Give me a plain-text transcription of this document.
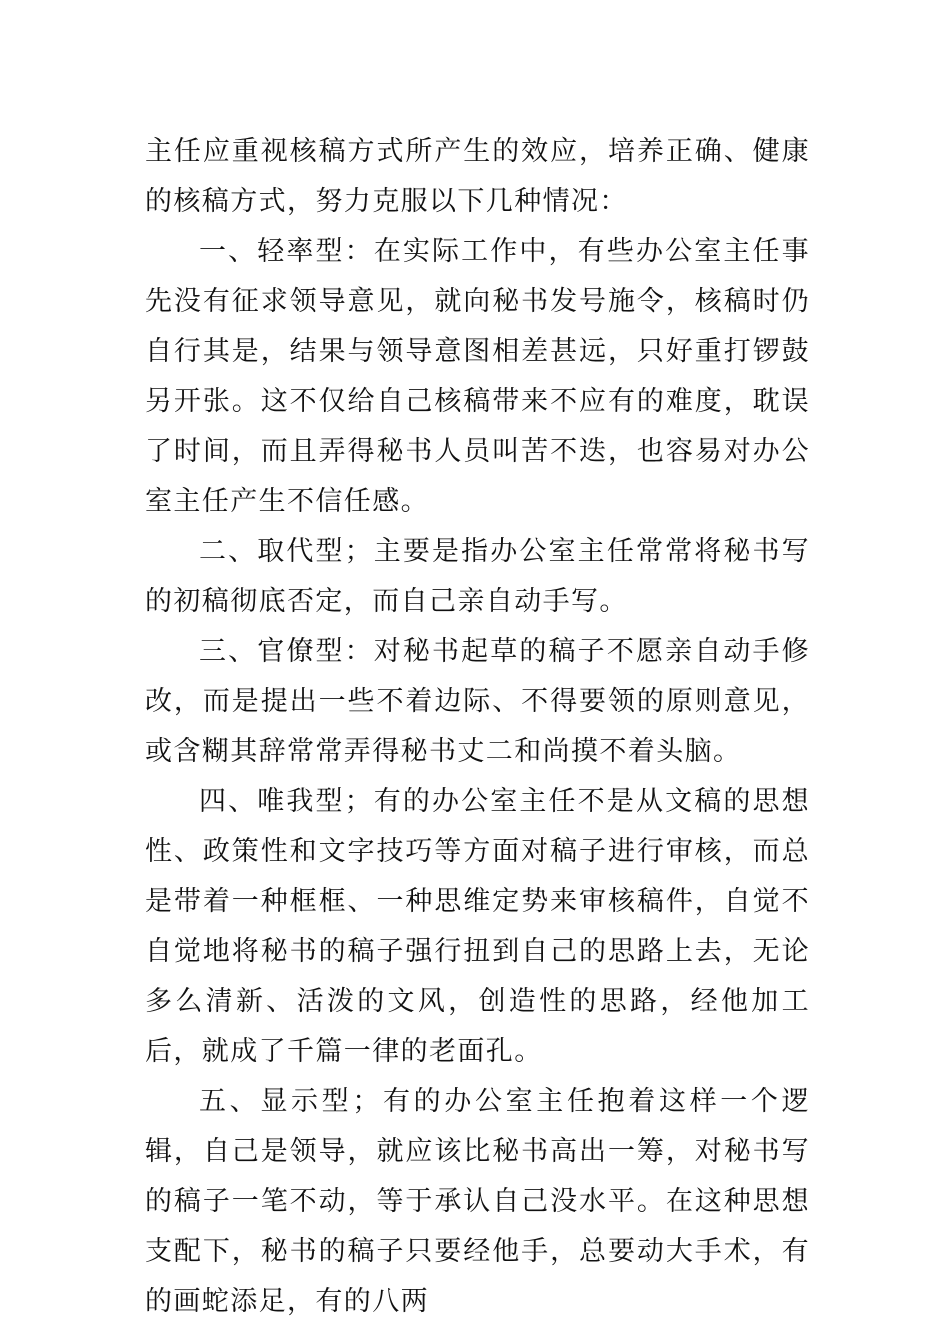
主任应重视核稿方式所产生的效应，培养正确、健康的核稿方式，努力克服以下几种情况：

一、轻率型：在实际工作中，有些办公室主任事先没有征求领导意见，就向秘书发号施令，核稿时仍自行其是，结果与领导意图相差甚远，只好重打锣鼓另开张。这不仅给自己核稿带来不应有的难度，耽误了时间，而且弄得秘书人员叫苦不迭，也容易对办公室主任产生不信任感。

二、取代型；主要是指办公室主任常常将秘书写的初稿彻底否定，而自己亲自动手写。

三、官僚型：对秘书起草的稿子不愿亲自动手修改，而是提出一些不着边际、不得要领的原则意见，或含糊其辞常常弄得秘书丈二和尚摸不着头脑。

四、唯我型；有的办公室主任不是从文稿的思想性、政策性和文字技巧等方面对稿子进行审核，而总是带着一种框框、一种思维定势来审核稿件，自觉不自觉地将秘书的稿子强行扭到自己的思路上去，无论多么清新、活泼的文风，创造性的思路，经他加工后，就成了千篇一律的老面孔。

五、显示型；有的办公室主任抱着这样一个逻辑，自己是领导，就应该比秘书高出一筹，对秘书写的稿子一笔不动，等于承认自己没水平。在这种思想支配下，秘书的稿子只要经他手，总要动大手术，有的画蛇添足，有的八两
